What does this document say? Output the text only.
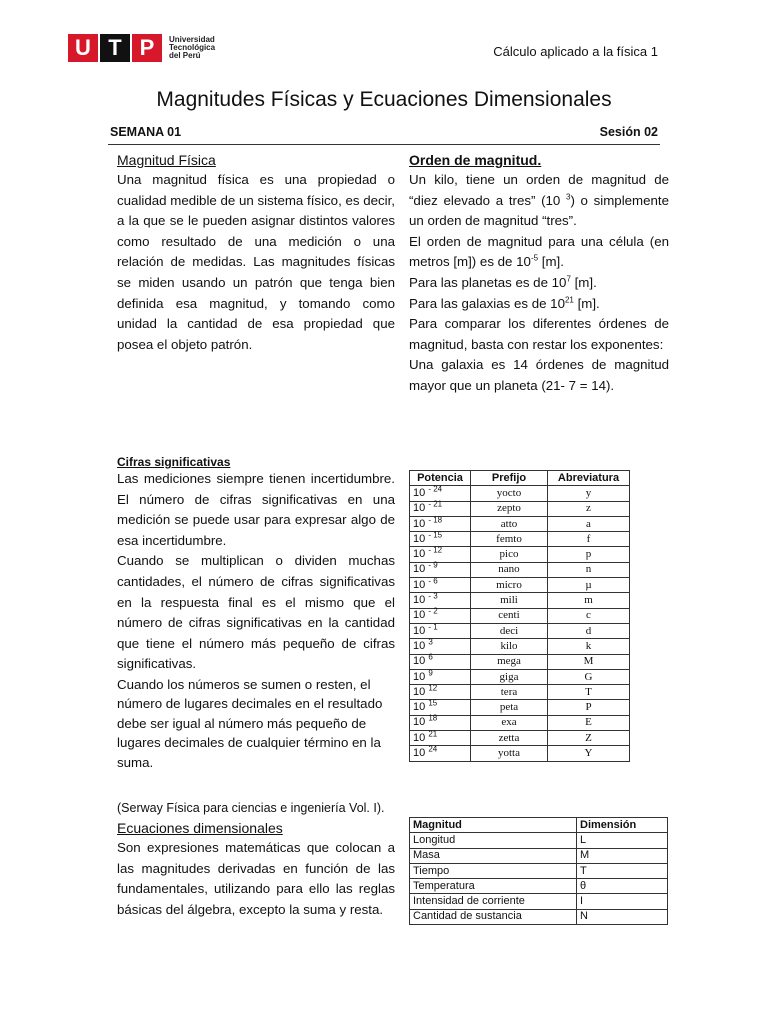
U T P	Universidad
Tecnológica
del Perú	Cálculo aplicado a la física 1
Magnitudes Físicas y Ecuaciones Dimensionales
SEMANA 01	Sesión 02
Magnitud Física

Una magnitud física es una propiedad o cualidad medible de un sistema físico, es decir, a la que se le pueden asignar distintos valores como resultado de una medición o una relación de medidas. Las magnitudes físicas se miden usando un patrón que tenga bien definida esa magnitud, y tomando como unidad la cantidad de esa propiedad que posea el objeto patrón.

Orden de magnitud.

Un kilo, tiene un orden de magnitud de “diez elevado a tres” (10 $^3$) o simplemente un orden de magnitud “tres”.

El orden de magnitud para una célula (en metros [m]) es de $10^{-5}$ [m].

Para las planetas es de $10^7$ [m].

Para las galaxias es de $10^{21}$ [m].

Para comparar los diferentes órdenes de magnitud, basta con restar los exponentes:

Una galaxia es 14 órdenes de magnitud mayor que un planeta (21- 7 = 14).

Cifras significativas

Las mediciones siempre tienen incertidumbre. El número de cifras significativas en una medición se puede usar para expresar algo de esa incertidumbre.

Cuando se multiplican o dividen muchas cantidades, el número de cifras significativas en la respuesta final es el mismo que el número de cifras significativas en la cantidad que tiene el número más pequeño de cifras significativas.

Cuando los números se sumen o resten, el número de lugares decimales en el resultado debe ser igual al número más pequeño de lugares decimales de cualquier término en la suma.

(Serway Física para ciencias e ingeniería Vol. I).
Ecuaciones dimensionales

Son expresiones matemáticas que colocan a las magnitudes derivadas en función de las fundamentales, utilizando para ello las reglas básicas del álgebra, excepto la suma y resta.

Potencia	Prefijo	Abreviatura
10 $^{- 24}$	yocto	y
10 $^{- 21}$	zepto	z
10 $^{- 18}$	atto	a
10 $^{- 15}$	femto	f
10 $^{- 12}$	pico	p
10 $^{- 9}$	nano	n
10 $^{- 6}$	micro	µ
10 $^{- 3}$	mili	m
10 $^{- 2}$	centi	c
10 $^{- 1}$	deci	d
10 $^3$	kilo	k
10 $^6$	mega	M
10 $^9$	giga	G
10 $^{12}$	tera	T
10 $^{15}$	peta	P
10 $^{18}$	exa	E
10 $^{21}$	zetta	Z
10 $^{24}$	yotta	Y
Magnitud	Dimensión
Longitud	L
Masa	M
Tiempo	T
Temperatura	θ
Intensidad de corriente	I
Cantidad de sustancia	N
